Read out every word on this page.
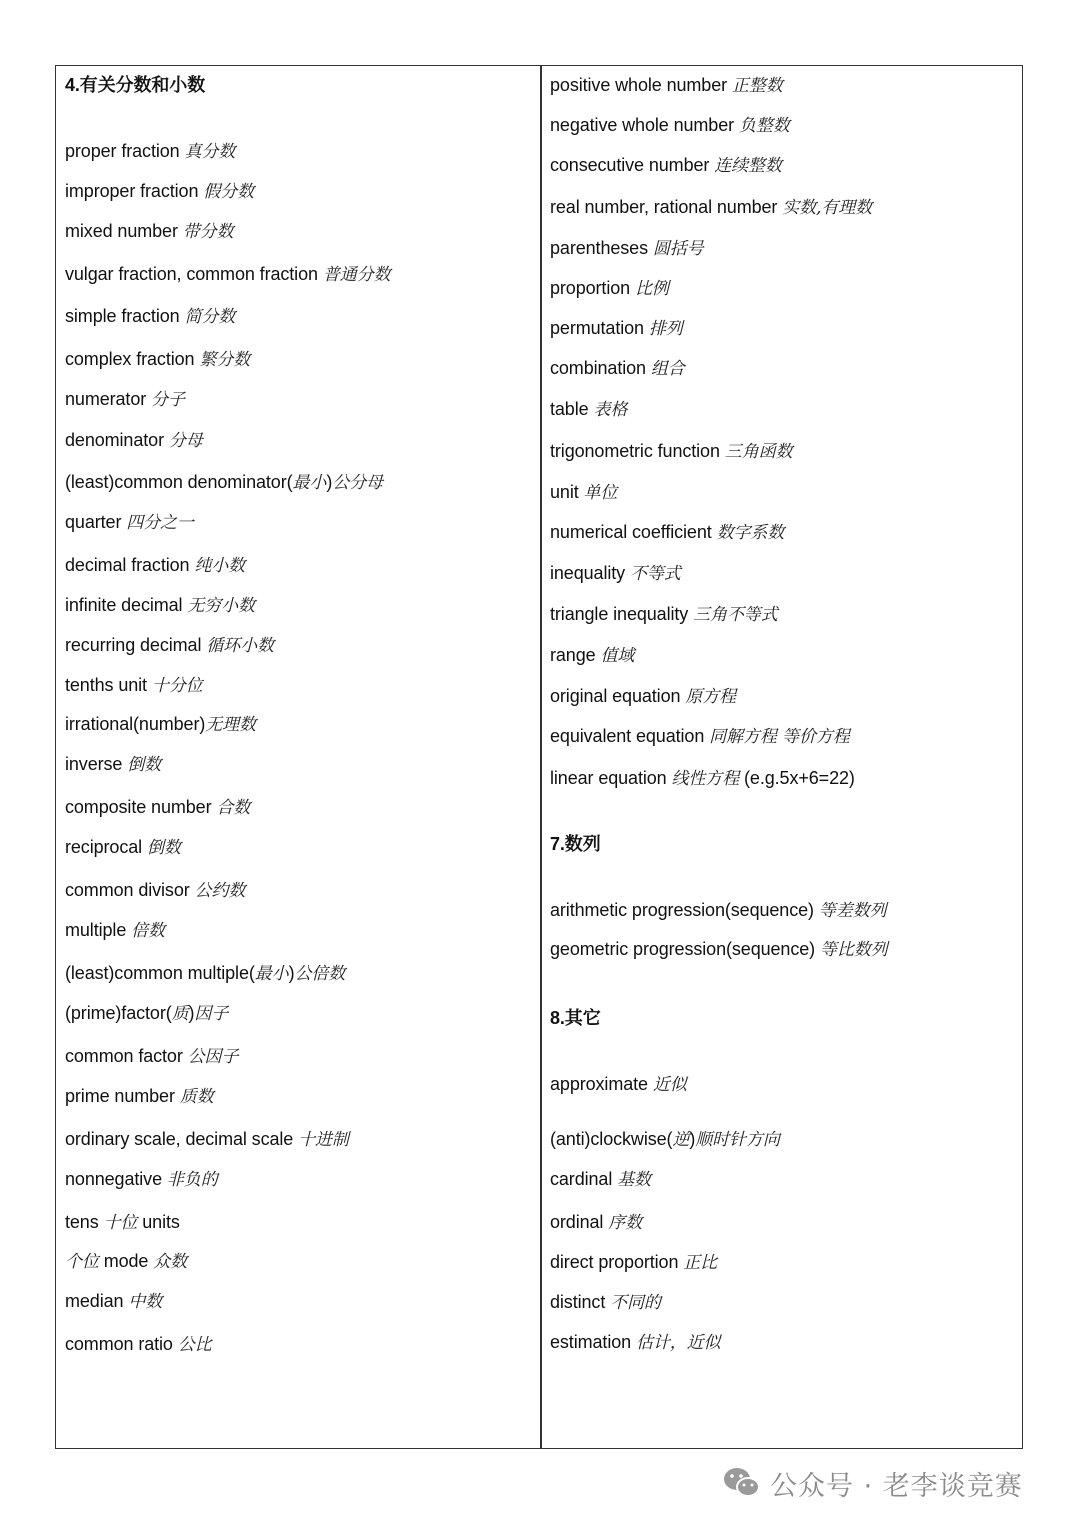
4.有关分数和小数
proper fraction 真分数
improper fraction 假分数
mixed number 带分数
vulgar fraction, common fraction 普通分数
simple fraction 简分数
complex fraction 繁分数
numerator 分子
denominator 分母
(least)common denominator(最小)公分母
quarter 四分之一
decimal fraction 纯小数
infinite decimal 无穷小数
recurring decimal 循环小数
tenths unit 十分位
irrational(number)无理数
inverse 倒数
composite number 合数
reciprocal 倒数
common divisor 公约数
multiple 倍数
(least)common multiple(最小)公倍数
(prime)factor(质)因子
common factor 公因子
prime number 质数
ordinary scale, decimal scale 十进制
nonnegative 非负的
tens 十位 units
个位 mode 众数
median 中数
common ratio 公比
positive whole number 正整数
negative whole number 负整数
consecutive number 连续整数
real number, rational number 实数,有理数
parentheses 圆括号
proportion 比例
permutation 排列
combination 组合
table 表格
trigonometric function 三角函数
unit 单位
numerical coefficient 数字系数
inequality 不等式
triangle inequality 三角不等式
range 值域
original equation 原方程
equivalent equation 同解方程 等价方程
linear equation 线性方程 (e.g.5x+6=22)
7.数列
arithmetic progression(sequence) 等差数列
geometric progression(sequence) 等比数列
8.其它
approximate 近似
(anti)clockwise(逆)顺时针方向
cardinal 基数
ordinal 序数
direct proportion 正比
distinct 不同的
estimation 估计，近似
公众号 · 老李谈竞赛
